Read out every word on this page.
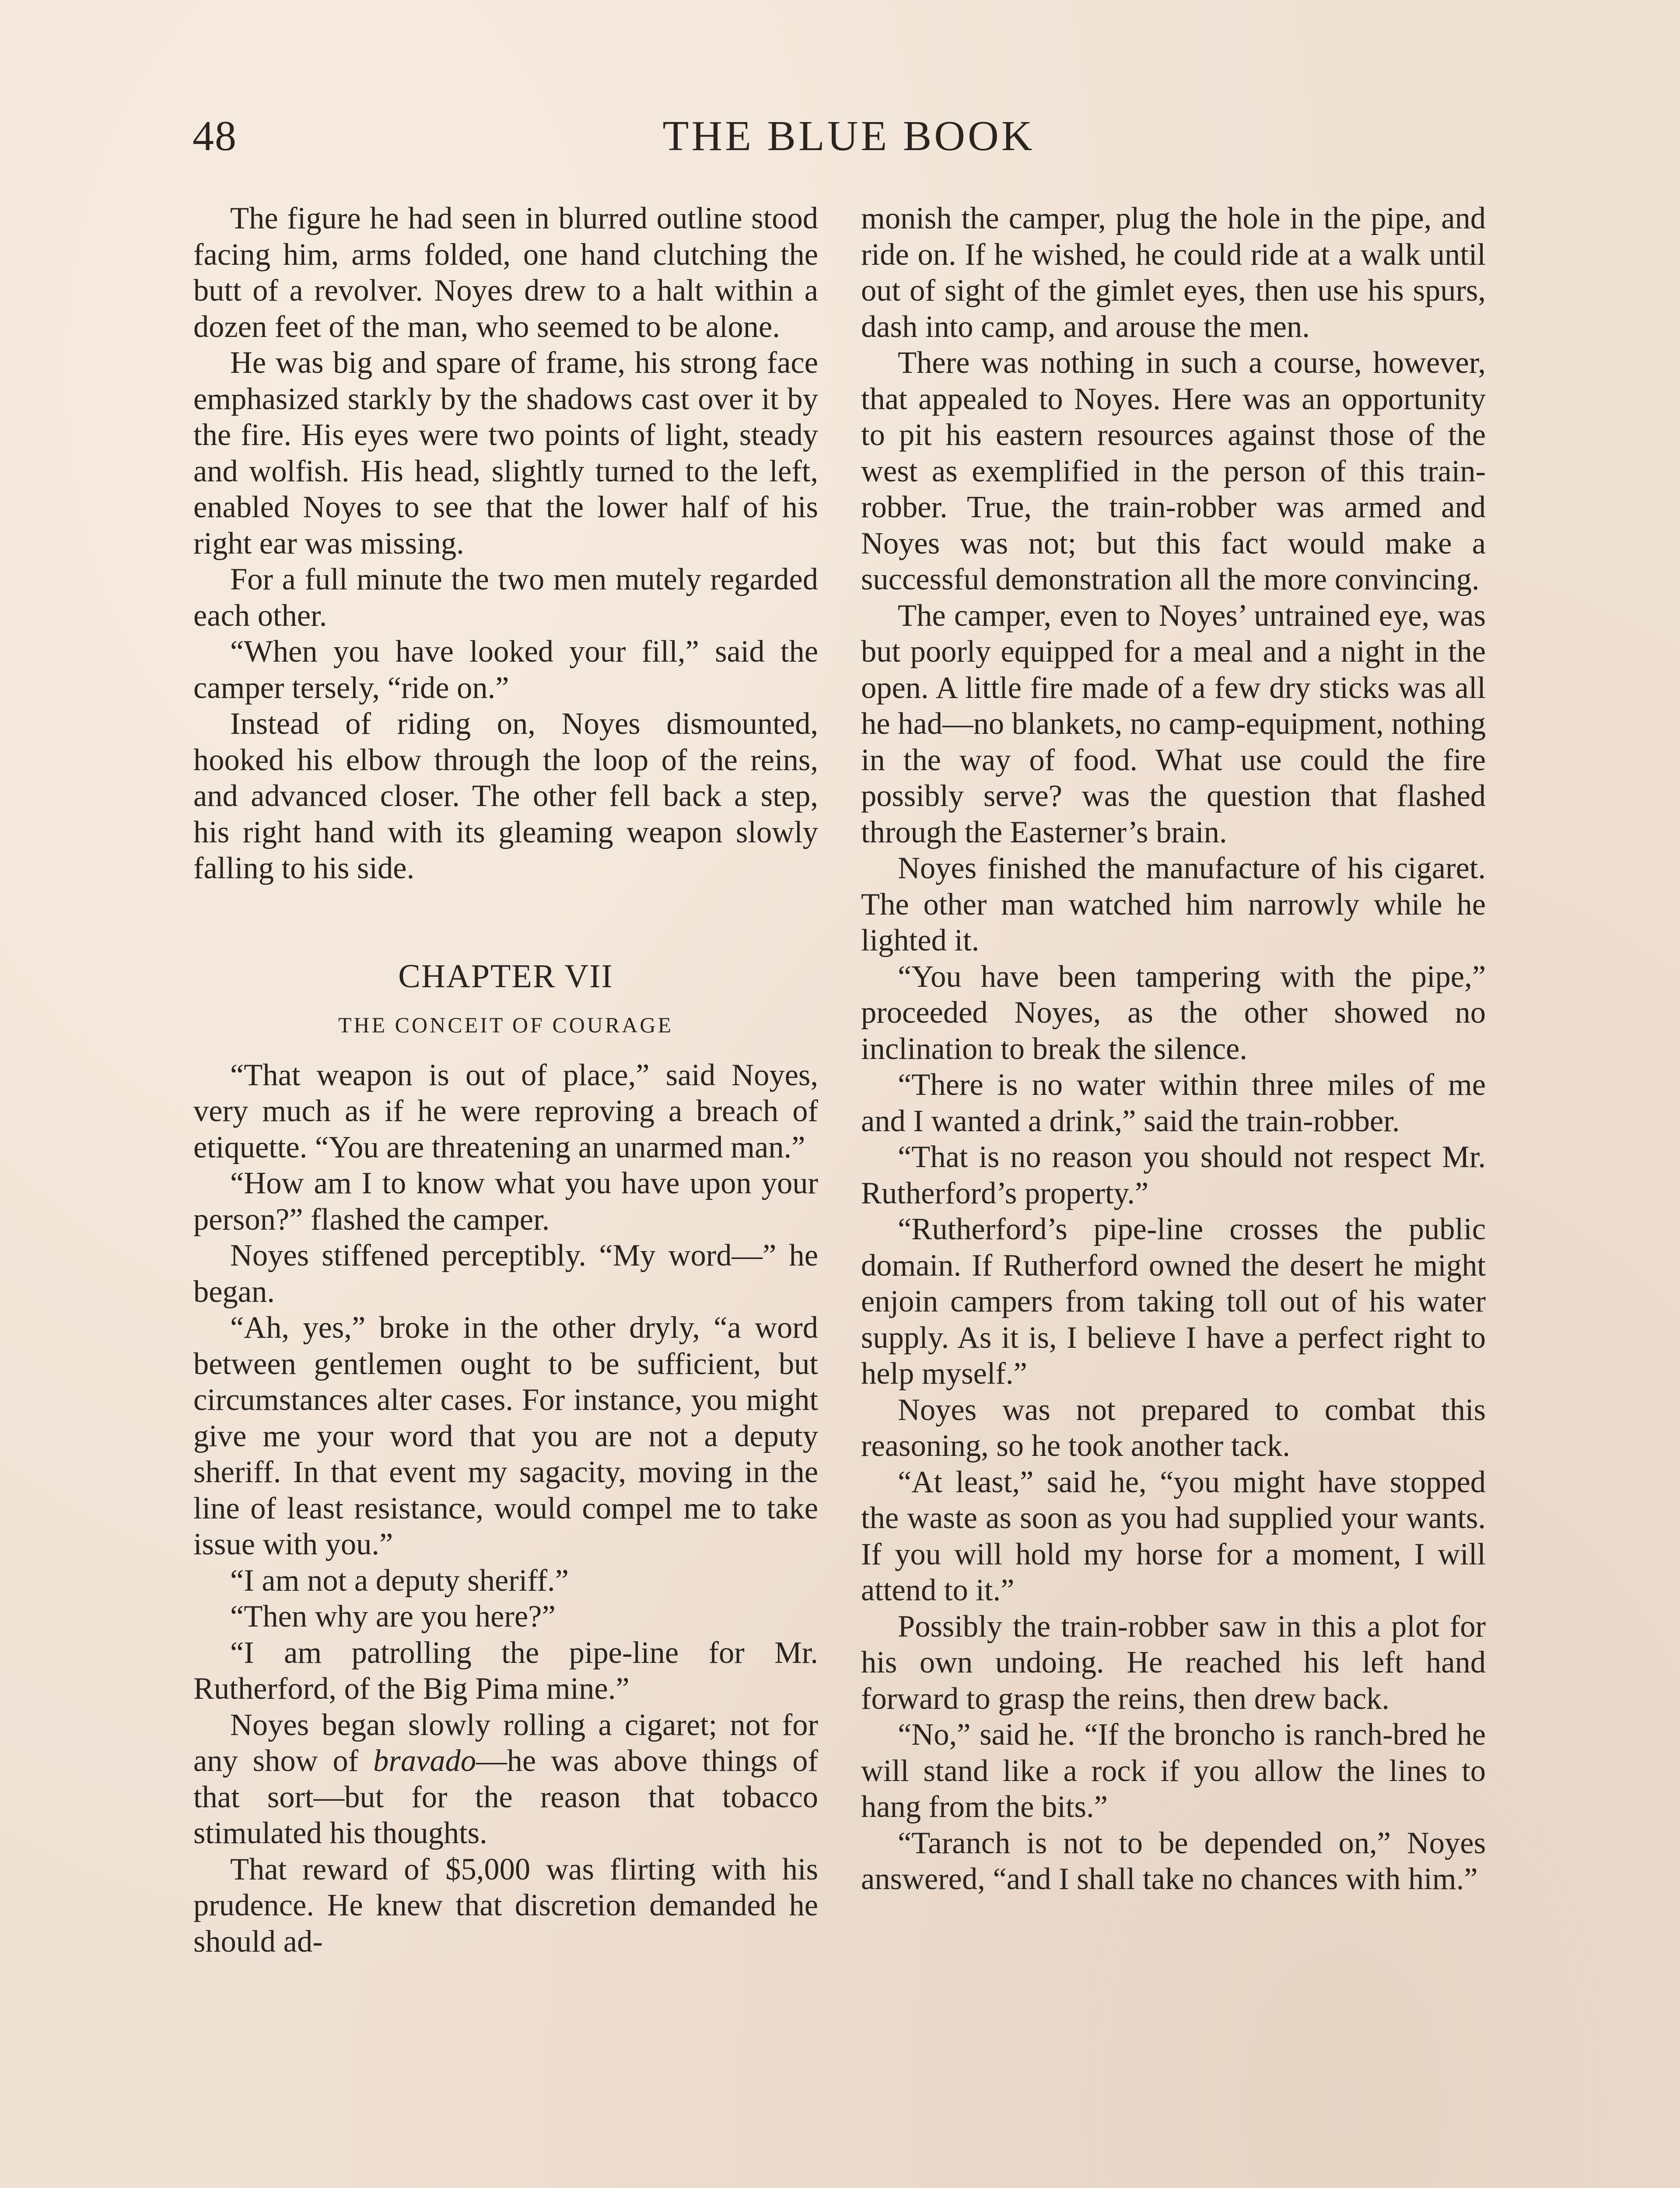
48	THE BLUE BOOK

The figure he had seen in blurred outline stood facing him, arms folded, one hand clutching the butt of a revolver. Noyes drew to a halt within a dozen feet of the man, who seemed to be alone.

He was big and spare of frame, his strong face emphasized starkly by the shadows cast over it by the fire. His eyes were two points of light, steady and wolfish. His head, slightly turned to the left, enabled Noyes to see that the lower half of his right ear was missing.

For a full minute the two men mutely regarded each other.

“When you have looked your fill,” said the camper tersely, “ride on.”

Instead of riding on, Noyes dismounted, hooked his elbow through the loop of the reins, and advanced closer. The other fell back a step, his right hand with its gleaming weapon slowly falling to his side.

CHAPTER VII
THE CONCEIT OF COURAGE

“That weapon is out of place,” said Noyes, very much as if he were reproving a breach of etiquette. “You are threatening an unarmed man.”

“How am I to know what you have upon your person?” flashed the camper.

Noyes stiffened perceptibly. “My word—” he began.

“Ah, yes,” broke in the other dryly, “a word between gentlemen ought to be sufficient, but circumstances alter cases. For instance, you might give me your word that you are not a deputy sheriff. In that event my sagacity, moving in the line of least resistance, would compel me to take issue with you.”

“I am not a deputy sheriff.”

“Then why are you here?”

“I am patrolling the pipe-line for Mr. Rutherford, of the Big Pima mine.”

Noyes began slowly rolling a cigaret; not for any show of bravado—he was above things of that sort—but for the reason that tobacco stimulated his thoughts.

That reward of $5,000 was flirting with his prudence. He knew that discretion demanded he should ad-

monish the camper, plug the hole in the pipe, and ride on. If he wished, he could ride at a walk until out of sight of the gimlet eyes, then use his spurs, dash into camp, and arouse the men.

There was nothing in such a course, however, that appealed to Noyes. Here was an opportunity to pit his eastern resources against those of the west as exemplified in the person of this train-robber. True, the train-robber was armed and Noyes was not; but this fact would make a successful demonstration all the more convincing.

The camper, even to Noyes’ untrained eye, was but poorly equipped for a meal and a night in the open. A little fire made of a few dry sticks was all he had—no blankets, no camp-equipment, nothing in the way of food. What use could the fire possibly serve? was the question that flashed through the Easterner’s brain.

Noyes finished the manufacture of his cigaret. The other man watched him narrowly while he lighted it.

“You have been tampering with the pipe,” proceeded Noyes, as the other showed no inclination to break the silence.

“There is no water within three miles of me and I wanted a drink,” said the train-robber.

“That is no reason you should not respect Mr. Rutherford’s property.”

“Rutherford’s pipe-line crosses the public domain. If Rutherford owned the desert he might enjoin campers from taking toll out of his water supply. As it is, I believe I have a perfect right to help myself.”

Noyes was not prepared to combat this reasoning, so he took another tack.

“At least,” said he, “you might have stopped the waste as soon as you had supplied your wants. If you will hold my horse for a moment, I will attend to it.”

Possibly the train-robber saw in this a plot for his own undoing. He reached his left hand forward to grasp the reins, then drew back.

“No,” said he. “If the broncho is ranch-bred he will stand like a rock if you allow the lines to hang from the bits.”

“Taranch is not to be depended on,” Noyes answered, “and I shall take no chances with him.”
